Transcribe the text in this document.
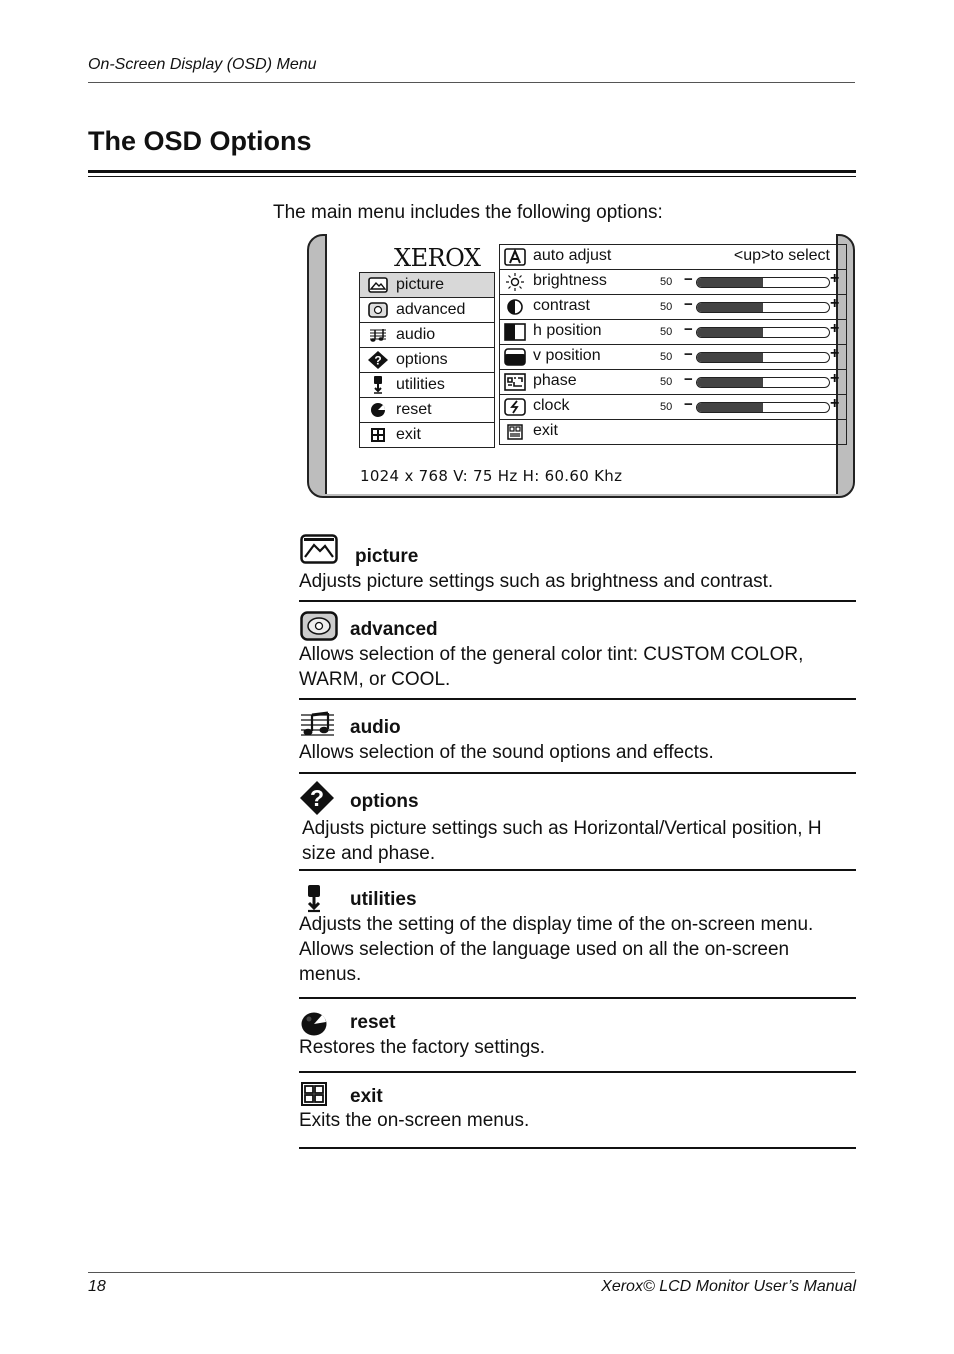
On-Screen Display (OSD) Menu
The OSD Options
The main menu includes the following options:
XEROX
picture
advanced
audio
? options
utilities
reset
exit
auto adjust	<up>to select
brightness	50 −	+
contrast	50 −	+
h position	50 −	+
v position	50 −	+
phase	50 −	+
clock	50 −	+
exit
1024 x 768 V: 75 Hz H: 60.60 Khz
picture
Adjusts picture settings such as brightness and contrast.
advanced
Allows selection of the general color tint: CUSTOM COLOR, WARM, or COOL.
audio
Allows selection of the sound options and effects.
? options
Adjusts picture settings such as Horizontal/Vertical position, H size and phase.
utilities
Adjusts the setting of the display time of the on-screen menu. Allows selection of the language used on all the on-screen menus.
reset
Restores the factory settings.
exit
Exits the on-screen menus.
18	Xerox© LCD Monitor User’s Manual
